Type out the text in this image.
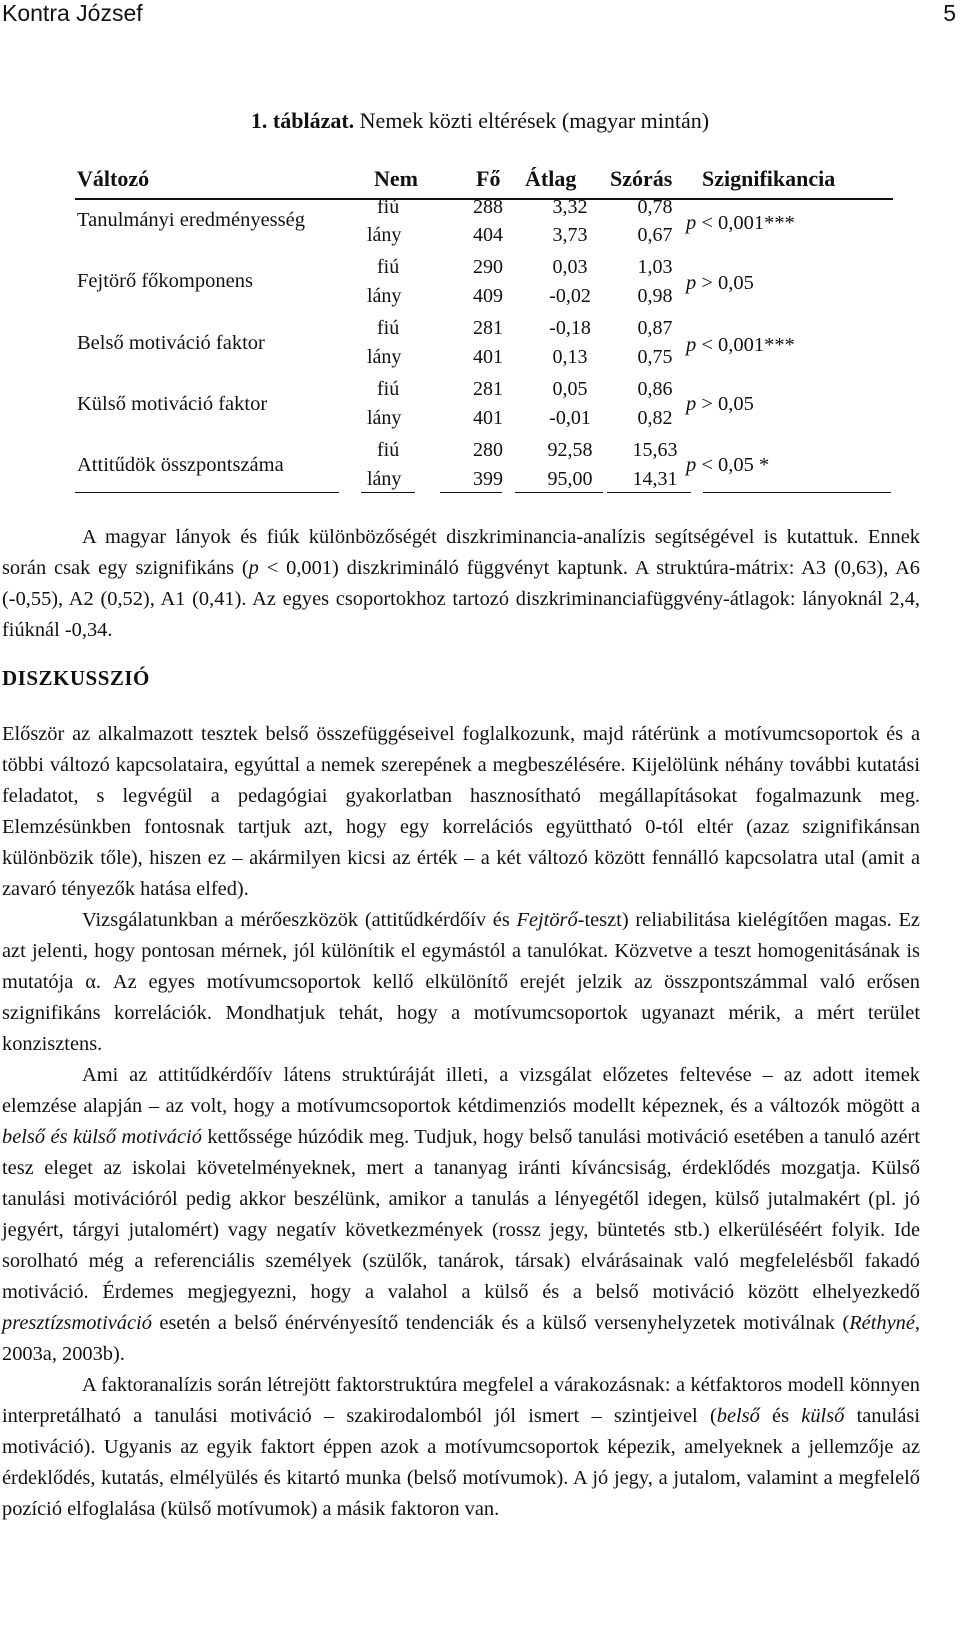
Kontra József	5
1. táblázat. Nemek közti eltérések (magyar mintán)
Változó	Nem	Fő Átlag Szórás Szignifikancia
Tanulmányi eredményesség
fiú	288	3,32	0,78
lány	404	3,73	0,67
p < 0,001***
Fejtörő főkomponens
fiú	290	0,03	1,03
lány	409	-0,02	0,98
p > 0,05
Belső motiváció faktor
fiú	281	-0,18	0,87
lány	401	0,13	0,75
p < 0,001***
Külső motiváció faktor
fiú	281	0,05	0,86
lány	401	-0,01	0,82
p > 0,05
Attitűdök összpontszáma
fiú	280	92,58	15,63
lány	399	95,00	14,31
p < 0,05 *

A magyar lányok és fiúk különbözőségét diszkriminancia-analízis segítségével is kutattuk. Ennek során csak egy szignifikáns (p < 0,001) diszkrimináló függvényt kaptunk. A struktúra-mátrix: A3 (0,63), A6 (-0,55), A2 (0,52), A1 (0,41). Az egyes csoportokhoz tartozó diszkriminanciafüggvény-átlagok: lányoknál 2,4, fiúknál -0,34.

DISZKUSSZIÓ

Először az alkalmazott tesztek belső összefüggéseivel foglalkozunk, majd rátérünk a motívumcsoportok és a többi változó kapcsolataira, egyúttal a nemek szerepének a megbeszélésére. Kijelölünk néhány további kutatási feladatot, s legvégül a pedagógiai gyakorlatban hasznosítható megállapításokat fogalmazunk meg. Elemzésünkben fontosnak tartjuk azt, hogy egy korrelációs együttható 0-tól eltér (azaz szignifikánsan különbözik tőle), hiszen ez – akármilyen kicsi az érték – a két változó között fennálló kapcsolatra utal (amit a zavaró tényezők hatása elfed).

Vizsgálatunkban a mérőeszközök (attitűdkérdőív és Fejtörő-teszt) reliabilitása kielégítően magas. Ez azt jelenti, hogy pontosan mérnek, jól különítik el egymástól a tanulókat. Közvetve a teszt homogenitásának is mutatója α. Az egyes motívumcsoportok kellő elkülönítő erejét jelzik az összpontszámmal való erősen szignifikáns korrelációk. Mondhatjuk tehát, hogy a motívumcsoportok ugyanazt mérik, a mért terület konzisztens.

Ami az attitűdkérdőív látens struktúráját illeti, a vizsgálat előzetes feltevése – az adott itemek elemzése alapján – az volt, hogy a motívumcsoportok kétdimenziós modellt képeznek, és a változók mögött a belső és külső motiváció kettőssége húzódik meg. Tudjuk, hogy belső tanulási motiváció esetében a tanuló azért tesz eleget az iskolai követelményeknek, mert a tananyag iránti kíváncsiság, érdeklődés mozgatja. Külső tanulási motivációról pedig akkor beszélünk, amikor a tanulás a lényegétől idegen, külső jutalmakért (pl. jó jegyért, tárgyi jutalomért) vagy negatív következmények (rossz jegy, büntetés stb.) elkerüléséért folyik. Ide sorolható még a referenciális személyek (szülők, tanárok, társak) elvárásainak való megfelelésből fakadó motiváció. Érdemes megjegyezni, hogy a valahol a külső és a belső motiváció között elhelyezkedő presztízsmotiváció esetén a belső énérvényesítő tendenciák és a külső versenyhelyzetek motiválnak (Réthyné, 2003a, 2003b).

A faktoranalízis során létrejött faktorstruktúra megfelel a várakozásnak: a kétfaktoros modell könnyen interpretálható a tanulási motiváció – szakirodalomból jól ismert – szintjeivel (belső és külső tanulási motiváció). Ugyanis az egyik faktort éppen azok a motívumcsoportok képezik, amelyeknek a jellemzője az érdeklődés, kutatás, elmélyülés és kitartó munka (belső motívumok). A jó jegy, a jutalom, valamint a megfelelő pozíció elfoglalása (külső motívumok) a másik faktoron van.
